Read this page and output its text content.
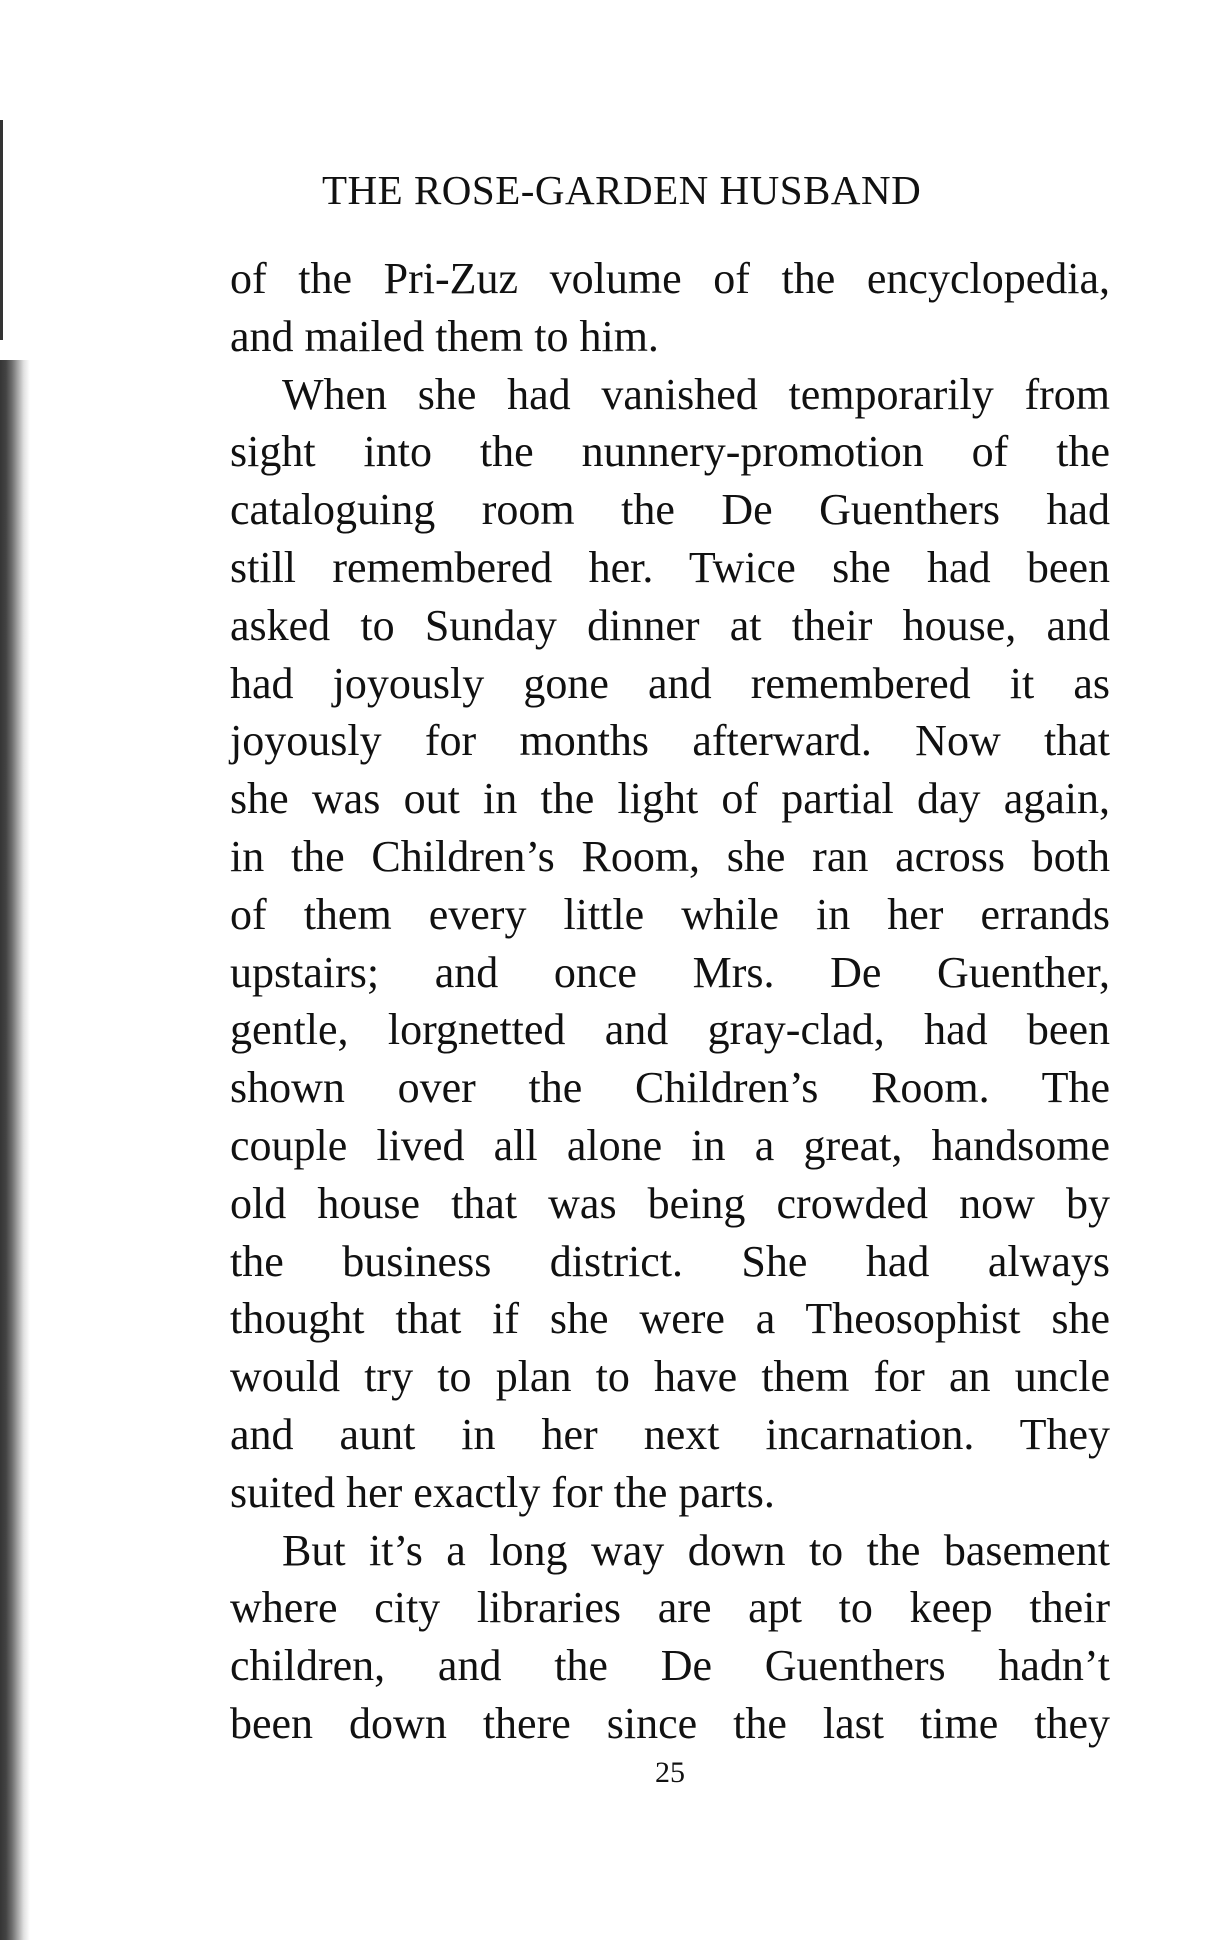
THE ROSE-GARDEN HUSBAND
of the Pri-Zuz volume of the encyclopedia,
and mailed them to him.
When she had vanished temporarily from
sight into the nunnery-promotion of the
cataloguing room the De Guenthers had
still remembered her. Twice she had been
asked to Sunday dinner at their house, and
had joyously gone and remembered it as
joyously for months afterward. Now that
she was out in the light of partial day again,
in the Children’s Room, she ran across both
of them every little while in her errands
upstairs; and once Mrs. De Guenther,
gentle, lorgnetted and gray-clad, had been
shown over the Children’s Room. The
couple lived all alone in a great, handsome
old house that was being crowded now by
the business district. She had always
thought that if she were a Theosophist she
would try to plan to have them for an uncle
and aunt in her next incarnation. They
suited her exactly for the parts.
But it’s a long way down to the basement
where city libraries are apt to keep their
children, and the De Guenthers hadn’t
been down there since the last time they
25
